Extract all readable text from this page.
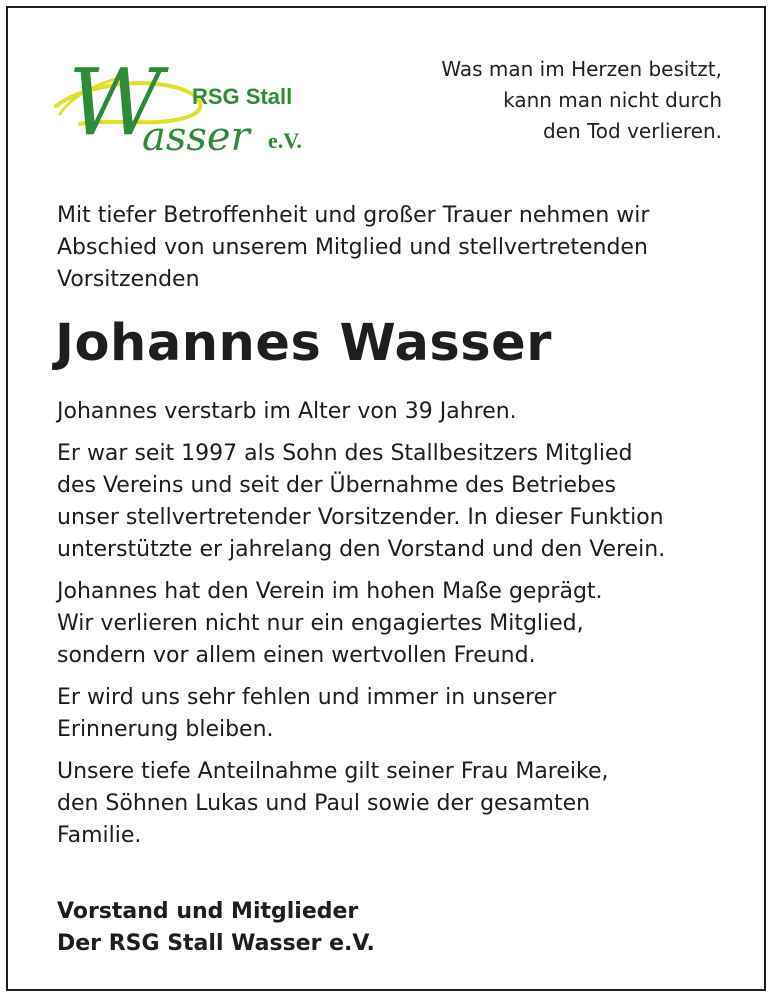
W RSG Stall
asser e.V.
Was man im Herzen besitzt,
kann man nicht durch
den Tod verlieren.
Mit tiefer Betroffenheit und großer Trauer nehmen wir
Abschied von unserem Mitglied und stellvertretenden
Vorsitzenden
Johannes Wasser

Johannes verstarb im Alter von 39 Jahren.

Er war seit 1997 als Sohn des Stallbesitzers Mitglied
des Vereins und seit der Übernahme des Betriebes
unser stellvertretender Vorsitzender. In dieser Funktion
unterstützte er jahrelang den Vorstand und den Verein.

Johannes hat den Verein im hohen Maße geprägt.
Wir verlieren nicht nur ein engagiertes Mitglied,
sondern vor allem einen wertvollen Freund.

Er wird uns sehr fehlen und immer in unserer
Erinnerung bleiben.

Unsere tiefe Anteilnahme gilt seiner Frau Mareike,
den Söhnen Lukas und Paul sowie der gesamten
Familie.

Vorstand und Mitglieder
Der RSG Stall Wasser e.V.
